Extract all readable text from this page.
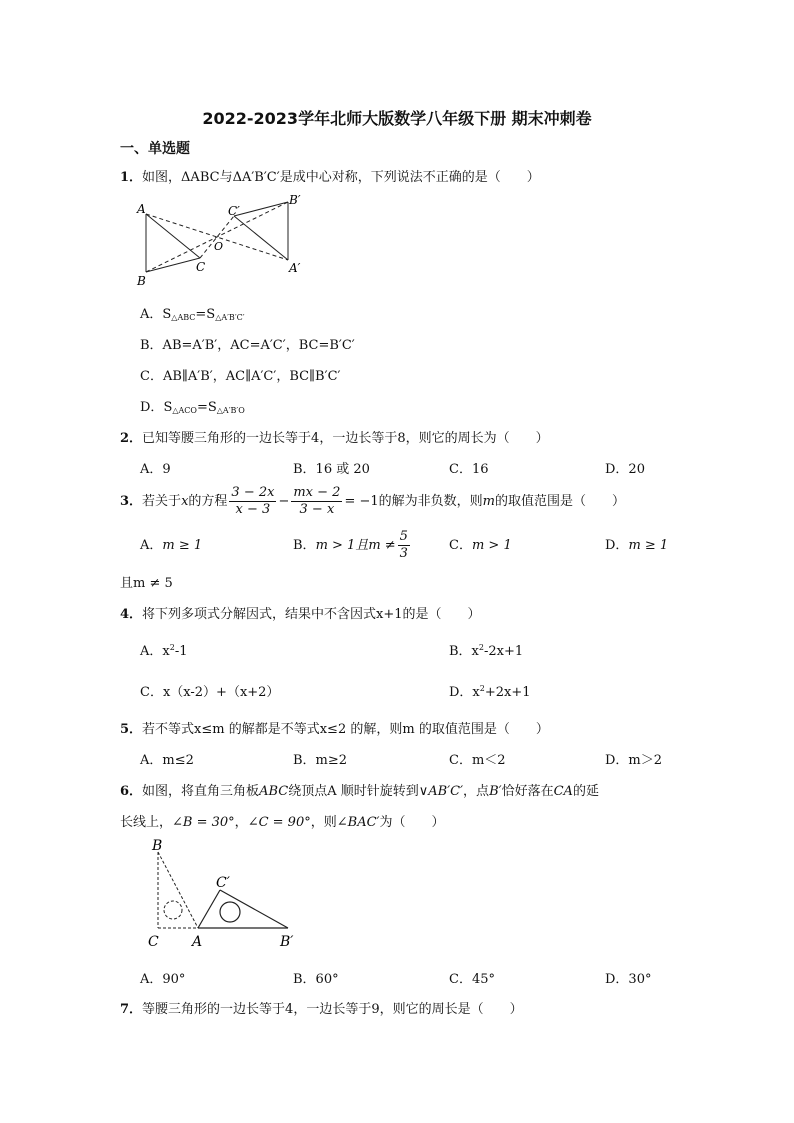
2022-2023学年北师大版数学八年级下册 期末冲刺卷
一、单选题
1．如图，ΔABC与ΔA′B′C′是成中心对称，下列说法不正确的是（　　）
A
B
C
O
A′
B′
C′
A．$S_{\triangle ABC}=S_{\triangle A'B'C'}$
B．AB=A′B′，AC=A′C′，BC=B′C′
C．AB∥A′B′，AC∥A′C′，BC∥B′C′
D．$S_{\triangle ACO}=S_{\triangle A'B'O}$
2．已知等腰三角形的一边长等于4，一边长等于8，则它的周长为（　　）
A．9	B．16 或 20	C．16	D．20
3．若关于x的方程 $\frac{3 - 2x}{x - 3} - \frac{mx - 2}{3 - x} = -1$的解为非负数，则m的取值范围是（　　）
A．m ≥ 1	B．m > 1且$m \ne \frac{5}{3}$	C．m > 1	D．m ≥ 1
且m ≠ 5
4．将下列多项式分解因式，结果中不含因式x+1的是（　　）
A．$x^2-1$	B．$x^2-2x+1$
C．x（x-2）+（x+2）	D．$x^2+2x+1$
5．若不等式x≤m 的解都是不等式x≤2 的解，则m 的取值范围是（　　）
A．m≤2	B．m≥2	C．m＜2	D．m＞2
6．如图，将直角三角板ABC绕顶点A 顺时针旋转到∨AB′C′，点B′恰好落在CA的延
长线上，∠B = 30°，∠C = 90°，则∠BAC′为（　　）
B
C A
C′
B′
A．90°	B．60°	C．45°	D．30°
7．等腰三角形的一边长等于4，一边长等于9，则它的周长是（　　）
